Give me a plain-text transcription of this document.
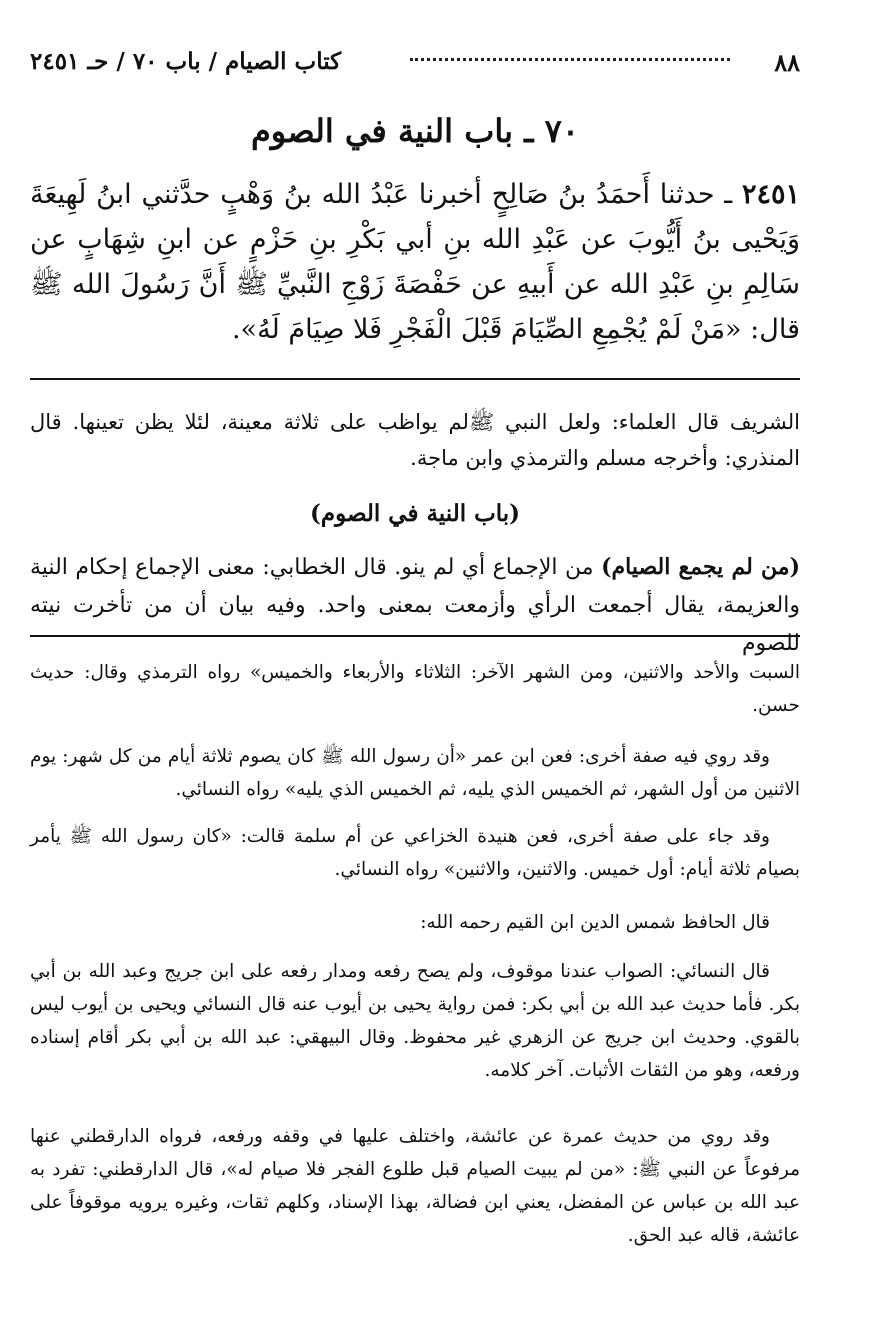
٨٨
كتاب الصيام / باب ٧٠ / حـ ٢٤٥١
٧٠ ـ باب النية في الصوم
٢٤٥١ ـ حدثنا أَحمَدُ بنُ صَالِحٍ أخبرنا عَبْدُ الله بنُ وَهْبٍ حدَّثني ابنُ لَهِيعَةَ وَيَحْيى بنُ أَيُّوبَ عن عَبْدِ الله بنِ أبي بَكْرِ بنِ حَزْمٍ عن ابنِ شِهَابٍ عن سَالِمِ بنِ عَبْدِ الله عن أَبيهِ عن حَفْصَةَ زَوْجِ النَّبيِّ ﷺ أَنَّ رَسُولَ الله ﷺ قال: «مَنْ لَمْ يُجْمِعِ الصِّيَامَ قَبْلَ الْفَجْرِ فَلا صِيَامَ لَهُ».
الشريف قال العلماء: ولعل النبي ﷺلم يواظب على ثلاثة معينة، لئلا يظن تعينها. قال المنذري: وأخرجه مسلم والترمذي وابن ماجة.
(باب النية في الصوم)
(من لم يجمع الصيام) من الإجماع أي لم ينو. قال الخطابي: معنى الإجماع إحكام النية والعزيمة، يقال أجمعت الرأي وأزمعت بمعنى واحد. وفيه بيان أن من تأخرت نيته للصوم
السبت والأحد والاثنين، ومن الشهر الآخر: الثلاثاء والأربعاء والخميس» رواه الترمذي وقال: حديث حسن.
وقد روي فيه صفة أخرى: فعن ابن عمر «أن رسول الله ﷺ كان يصوم ثلاثة أيام من كل شهر: يوم الاثنين من أول الشهر، ثم الخميس الذي يليه، ثم الخميس الذي يليه» رواه النسائي.
وقد جاء على صفة أخرى، فعن هنيدة الخزاعي عن أم سلمة قالت: «كان رسول الله ﷺ يأمر بصيام ثلاثة أيام: أول خميس. والاثنين، والاثنين» رواه النسائي.
قال الحافظ شمس الدين ابن القيم رحمه الله:
قال النسائي: الصواب عندنا موقوف، ولم يصح رفعه ومدار رفعه على ابن جريج وعبد الله بن أبي بكر. فأما حديث عبد الله بن أبي بكر: فمن رواية يحيى بن أيوب عنه قال النسائي ويحيى بن أيوب ليس بالقوي. وحديث ابن جريج عن الزهري غير محفوظ. وقال البيهقي: عبد الله بن أبي بكر أقام إسناده ورفعه، وهو من الثقات الأثبات. آخر كلامه.
وقد روي من حديث عمرة عن عائشة، واختلف عليها في وقفه ورفعه، فرواه الدارقطني عنها مرفوعاً عن النبي ﷺ: «من لم يبيت الصيام قبل طلوع الفجر فلا صيام له»، قال الدارقطني: تفرد به عبد الله بن عباس عن المفضل، يعني ابن فضالة، بهذا الإسناد، وكلهم ثقات، وغيره يرويه موقوفاً على عائشة، قاله عبد الحق.
